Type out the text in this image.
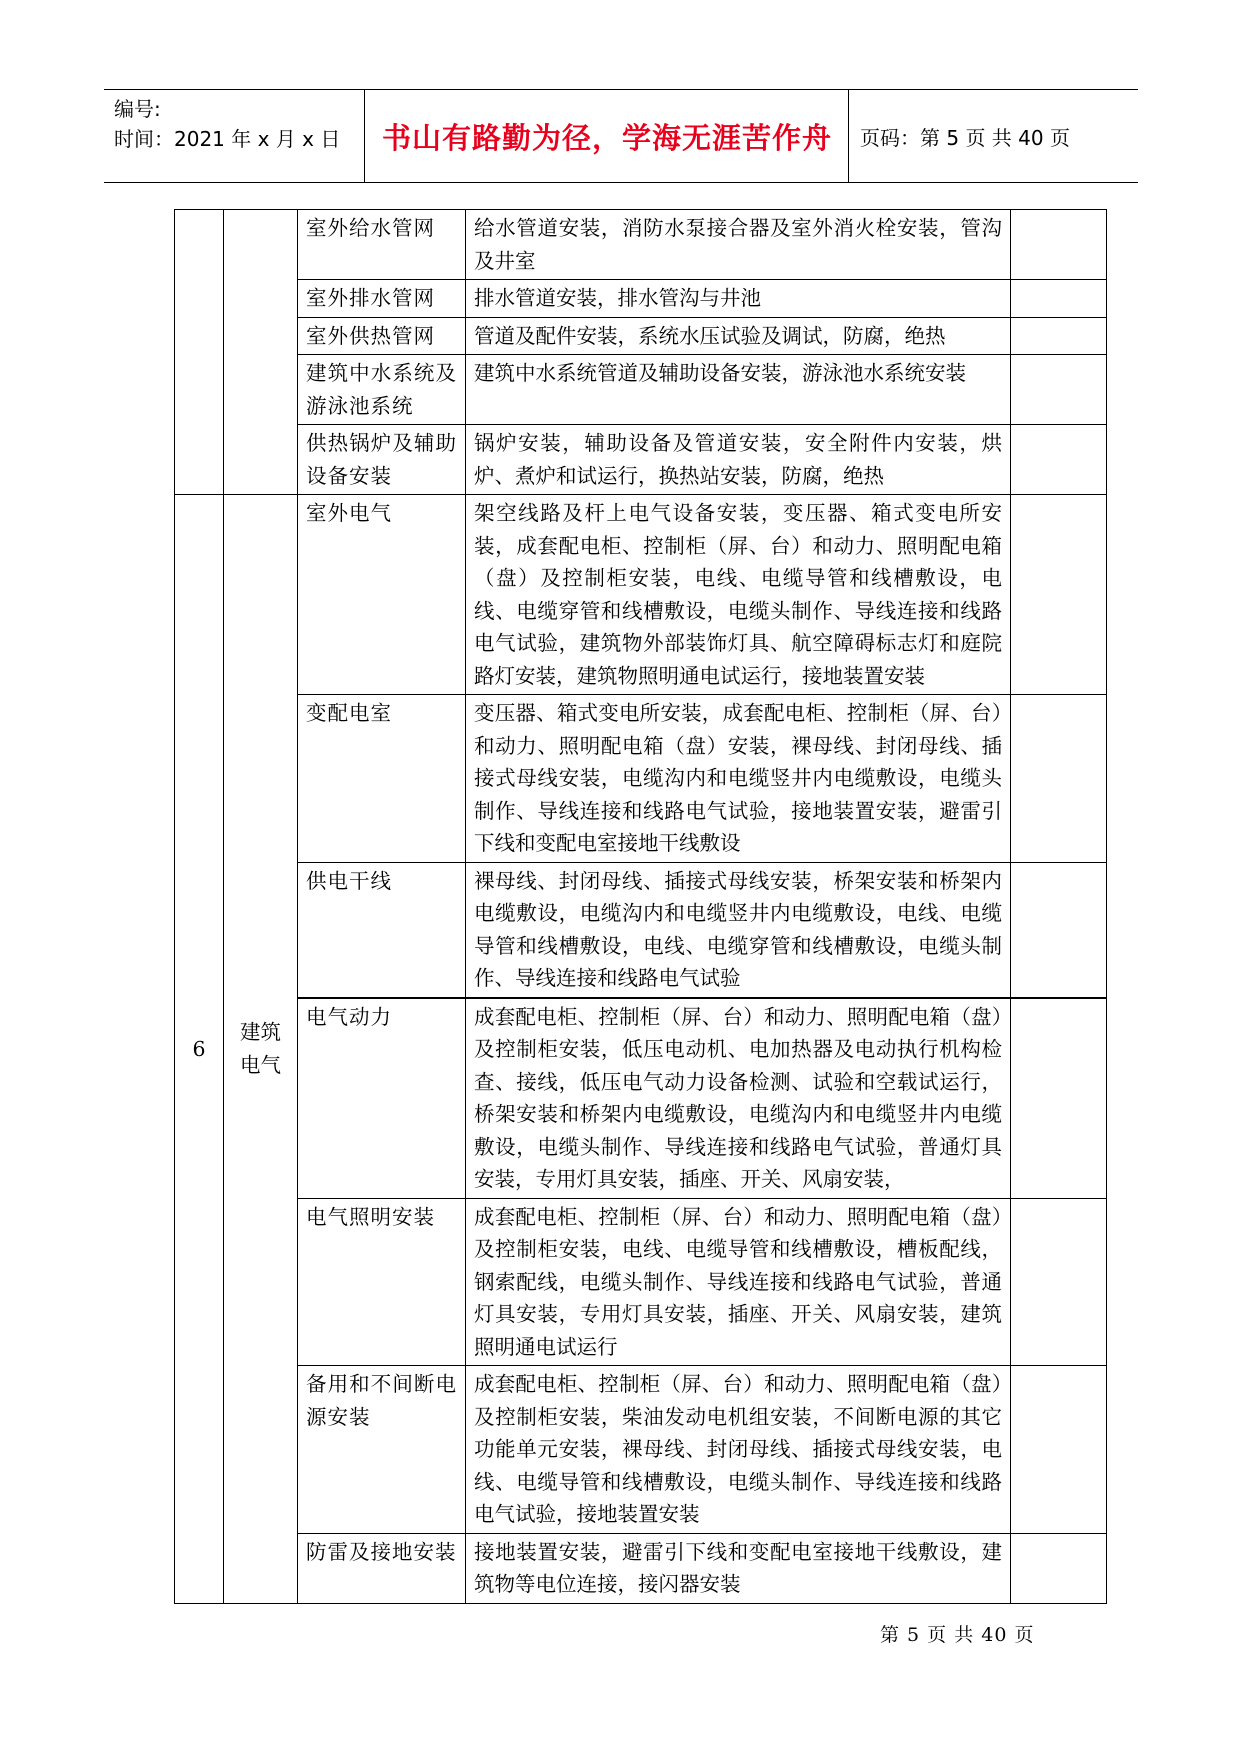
编号:
时间：2021 年 x 月 x 日	书山有路勤为径，学海无涯苦作舟	页码：第 5 页 共 40 页
		室外给水管网	给水管道安装，消防水泵接合器及室外消火栓安装，管沟及井室	
		室外排水管网	排水管道安装，排水管沟与井池	
		室外供热管网	管道及配件安装，系统水压试验及调试，防腐，绝热	
		建筑中水系统及游泳池系统	建筑中水系统管道及辅助设备安装，游泳池水系统安装	
		供热锅炉及辅助设备安装	锅炉安装，辅助设备及管道安装，安全附件内安装，烘炉、煮炉和试运行，换热站安装，防腐，绝热	
6	建筑电气	室外电气	架空线路及杆上电气设备安装，变压器、箱式变电所安装，成套配电柜、控制柜（屏、台）和动力、照明配电箱（盘）及控制柜安装，电线、电缆导管和线槽敷设，电线、电缆穿管和线槽敷设，电缆头制作、导线连接和线路电气试验，建筑物外部装饰灯具、航空障碍标志灯和庭院路灯安装，建筑物照明通电试运行，接地装置安装	
		变配电室	变压器、箱式变电所安装，成套配电柜、控制柜（屏、台）和动力、照明配电箱（盘）安装，裸母线、封闭母线、插接式母线安装，电缆沟内和电缆竖井内电缆敷设，电缆头制作、导线连接和线路电气试验，接地装置安装，避雷引下线和变配电室接地干线敷设	
		供电干线	裸母线、封闭母线、插接式母线安装，桥架安装和桥架内电缆敷设，电缆沟内和电缆竖井内电缆敷设，电线、电缆导管和线槽敷设，电线、电缆穿管和线槽敷设，电缆头制作、导线连接和线路电气试验	
		电气动力	成套配电柜、控制柜（屏、台）和动力、照明配电箱（盘）及控制柜安装，低压电动机、电加热器及电动执行机构检查、接线，低压电气动力设备检测、试验和空载试运行，桥架安装和桥架内电缆敷设，电缆沟内和电缆竖井内电缆敷设，电缆头制作、导线连接和线路电气试验，普通灯具安装，专用灯具安装，插座、开关、风扇安装，	
		电气照明安装	成套配电柜、控制柜（屏、台）和动力、照明配电箱（盘）及控制柜安装，电线、电缆导管和线槽敷设，槽板配线，钢索配线，电缆头制作、导线连接和线路电气试验，普通灯具安装，专用灯具安装，插座、开关、风扇安装，建筑照明通电试运行	
		备用和不间断电源安装	成套配电柜、控制柜（屏、台）和动力、照明配电箱（盘）及控制柜安装，柴油发动电机组安装，不间断电源的其它功能单元安装，裸母线、封闭母线、插接式母线安装，电线、电缆导管和线槽敷设，电缆头制作、导线连接和线路电气试验，接地装置安装	
		防雷及接地安装	接地装置安装，避雷引下线和变配电室接地干线敷设，建筑物等电位连接，接闪器安装	
第 5 页 共 40 页
